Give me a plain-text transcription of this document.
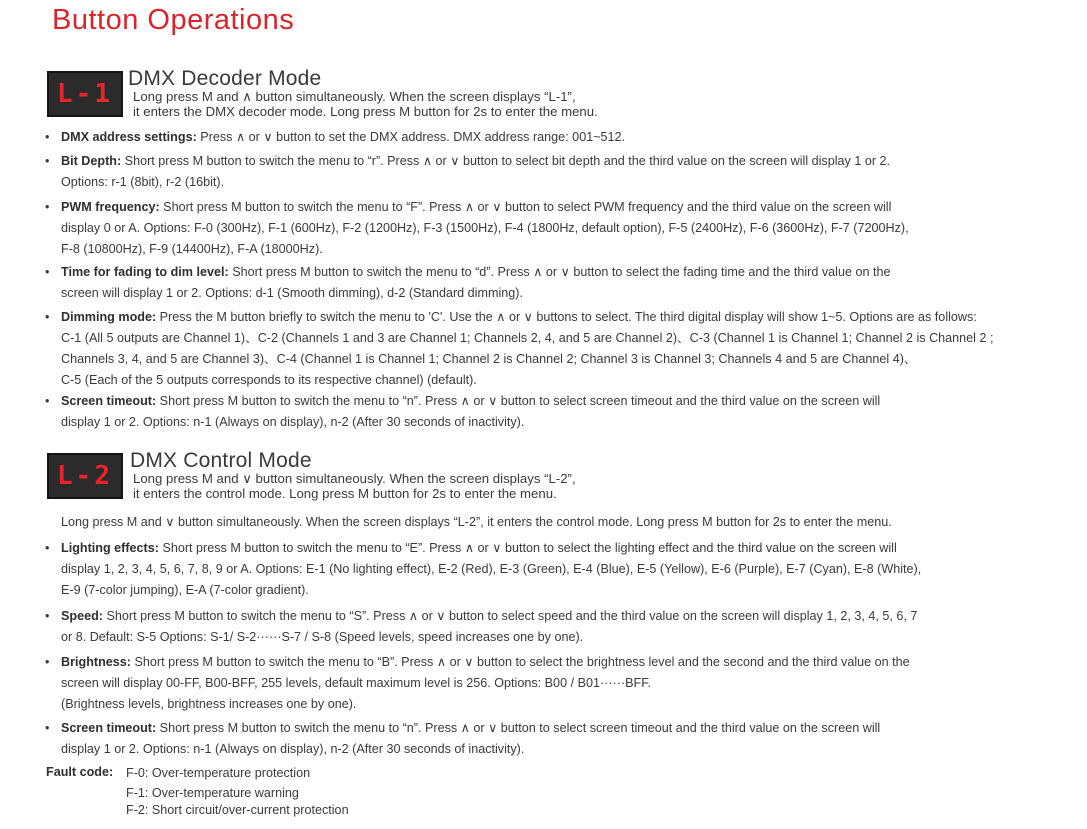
Button Operations
L-1
DMX Decoder Mode
Long press M and ∧ button simultaneously. When the screen displays “L-1”,
it enters the DMX decoder mode. Long press M button for 2s to enter the menu.
• DMX address settings: Press ∧ or ∨ button to set the DMX address. DMX address range: 001~512.
• Bit Depth: Short press M button to switch the menu to “r”. Press ∧ or ∨ button to select bit depth and the third value on the screen will display 1 or 2.
Options: r-1 (8bit), r-2 (16bit).
• PWM frequency: Short press M button to switch the menu to “F”. Press ∧ or ∨ button to select PWM frequency and the third value on the screen will
display 0 or A. Options: F-0 (300Hz), F-1 (600Hz), F-2 (1200Hz), F-3 (1500Hz), F-4 (1800Hz, default option), F-5 (2400Hz), F-6 (3600Hz), F-7 (7200Hz),
F-8 (10800Hz), F-9 (14400Hz), F-A (18000Hz).
• Time for fading to dim level: Short press M button to switch the menu to “d”. Press ∧ or ∨ button to select the fading time and the third value on the
screen will display 1 or 2. Options: d-1 (Smooth dimming), d-2 (Standard dimming).
• Dimming mode: Press the M button briefly to switch the menu to 'C'. Use the ∧ or ∨ buttons to select. The third digital display will show 1~5. Options are as follows:
C-1 (All 5 outputs are Channel 1)、C-2 (Channels 1 and 3 are Channel 1; Channels 2, 4, and 5 are Channel 2)、C-3 (Channel 1 is Channel 1; Channel 2 is Channel 2 ;
Channels 3, 4, and 5 are Channel 3)、C-4 (Channel 1 is Channel 1; Channel 2 is Channel 2; Channel 3 is Channel 3; Channels 4 and 5 are Channel 4)、
C-5 (Each of the 5 outputs corresponds to its respective channel) (default).
• Screen timeout: Short press M button to switch the menu to “n”. Press ∧ or ∨ button to select screen timeout and the third value on the screen will
display 1 or 2. Options: n-1 (Always on display), n-2 (After 30 seconds of inactivity).
L-2
DMX Control Mode
Long press M and ∨ button simultaneously. When the screen displays “L-2”,
it enters the control mode. Long press M button for 2s to enter the menu.
Long press M and ∨ button simultaneously. When the screen displays “L-2”, it enters the control mode. Long press M button for 2s to enter the menu.
• Lighting effects: Short press M button to switch the menu to “E”. Press ∧ or ∨ button to select the lighting effect and the third value on the screen will
display 1, 2, 3, 4, 5, 6, 7, 8, 9 or A. Options: E-1 (No lighting effect), E-2 (Red), E-3 (Green), E-4 (Blue), E-5 (Yellow), E-6 (Purple), E-7 (Cyan), E-8 (White),
E-9 (7-color jumping), E-A (7-color gradient).
• Speed: Short press M button to switch the menu to “S”. Press ∧ or ∨ button to select speed and the third value on the screen will display 1, 2, 3, 4, 5, 6, 7
or 8. Default: S-5 Options: S-1/ S-2······S-7 / S-8 (Speed levels, speed increases one by one).
• Brightness: Short press M button to switch the menu to “B”. Press ∧ or ∨ button to select the brightness level and the second and the third value on the
screen will display 00-FF, B00-BFF, 255 levels, default maximum level is 256. Options: B00 / B01······BFF.
(Brightness levels, brightness increases one by one).
• Screen timeout: Short press M button to switch the menu to “n”. Press ∧ or ∨ button to select screen timeout and the third value on the screen will
display 1 or 2. Options: n-1 (Always on display), n-2 (After 30 seconds of inactivity).
Fault code: F-0: Over-temperature protection
F-1: Over-temperature warning
F-2: Short circuit/over-current protection
